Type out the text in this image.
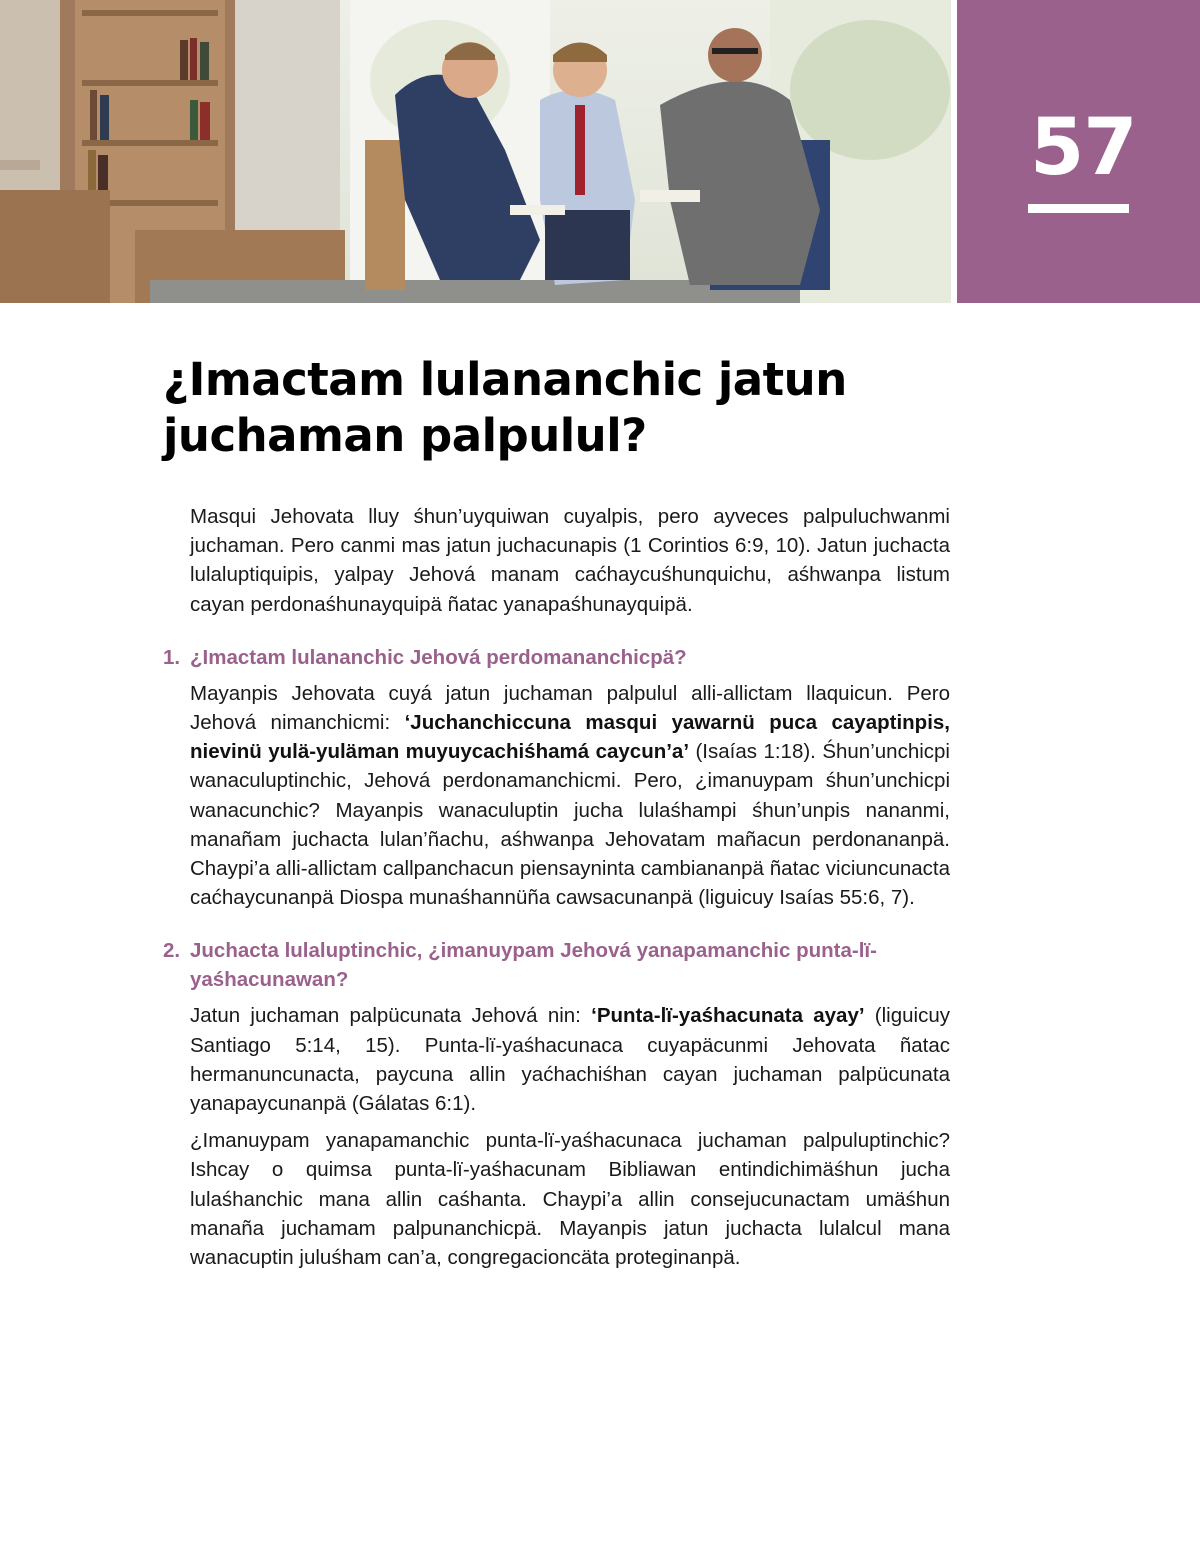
57
¿Imactam lulananchic jatun juchaman palpulul?

Masqui Jehovata lluy śhun’uyquiwan cuyalpis, pero ayveces palpuluchwanmi juchaman. Pero canmi mas jatun juchacunapis (1 Corintios 6:9, 10). Jatun juchacta lulaluptiquipis, yalpay Jehová manam caćhaycuśhunquichu, aśhwanpa listum cayan perdonaśhunayquipä ñatac yanapaśhunayquipä.

1. ¿Imactam lulananchic Jehová perdomananchicpä?

Mayanpis Jehovata cuyá jatun juchaman palpulul alli-allictam llaquicun. Pero Jehová nimanchicmi: ‘Juchanchiccuna masqui yawarnü puca cayaptinpis, nievinü yulä-yuläman muyuycachiśhamá caycun’a’ (Isaías 1:18). Śhun’unchicpi wanaculuptinchic, Jehová perdonamanchicmi. Pero, ¿imanuypam śhun’unchicpi wanacunchic? Mayanpis wanaculuptin jucha lulaśhampi śhun’unpis nananmi, manañam juchacta lulan’ñachu, aśhwanpa Jehovatam mañacun perdonananpä. Chaypi’a alli-allictam callpanchacun piensayninta cambiananpä ñatac viciuncunacta caćhaycunanpä Diospa munaśhannüña cawsacunanpä (liguicuy Isaías 55:6, 7).

2. Juchacta lulaluptinchic, ¿imanuypam Jehová yanapamanchic punta-lï-yaśhacunawan?

Jatun juchaman palpücunata Jehová nin: ‘Punta-lï-yaśhacunata ayay’ (liguicuy Santiago 5:14, 15). Punta-lï-yaśhacunaca cuyapäcunmi Jehovata ñatac hermanuncunacta, paycuna allin yaćhachiśhan cayan juchaman palpücunata yanapaycunanpä (Gálatas 6:1).

¿Imanuypam yanapamanchic punta-lï-yaśhacunaca juchaman palpuluptinchic? Ishcay o quimsa punta-lï-yaśhacunam Bibliawan entindichimäśhun jucha lulaśhanchic mana allin caśhanta. Chaypi’a allin consejucunactam umäśhun manaña juchamam palpunanchicpä. Mayanpis jatun juchacta lulalcul mana wanacuptin juluśham can’a, congregacioncäta proteginanpä.
